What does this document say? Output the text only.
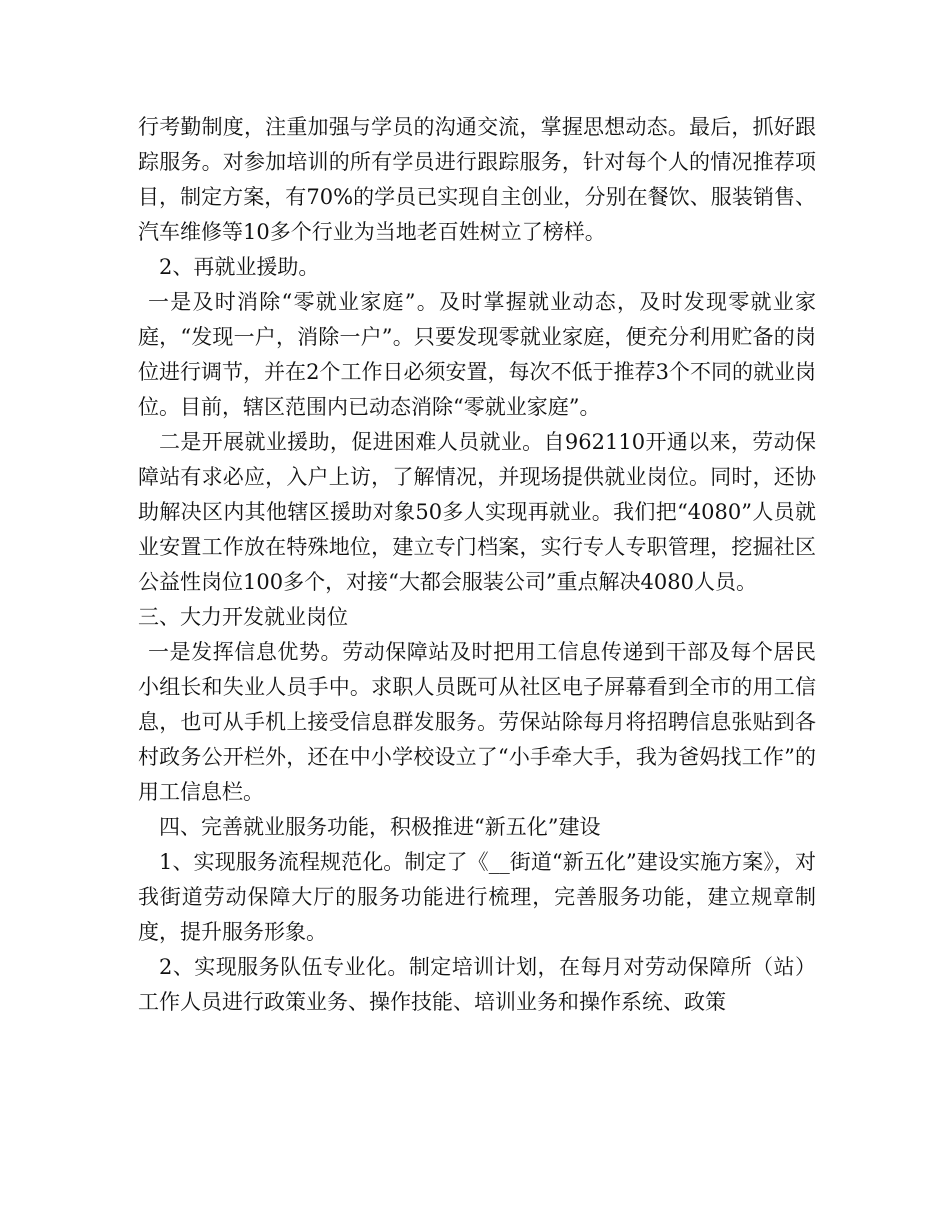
行考勤制度，注重加强与学员的沟通交流，掌握思想动态。最后，抓好跟踪服务。对参加培训的所有学员进行跟踪服务，针对每个人的情况推荐项目，制定方案，有70%的学员已实现自主创业，分别在餐饮、服装销售、汽车维修等10多个行业为当地老百姓树立了榜样。

2、再就业援助。

一是及时消除“零就业家庭”。及时掌握就业动态，及时发现零就业家庭，“发现一户，消除一户”。只要发现零就业家庭，便充分利用贮备的岗位进行调节，并在2个工作日必须安置，每次不低于推荐3个不同的就业岗位。目前，辖区范围内已动态消除“零就业家庭”。

二是开展就业援助，促进困难人员就业。自962110开通以来，劳动保障站有求必应，入户上访，了解情况，并现场提供就业岗位。同时，还协助解决区内其他辖区援助对象50多人实现再就业。我们把“4080”人员就业安置工作放在特殊地位，建立专门档案，实行专人专职管理，挖掘社区公益性岗位100多个，对接“大都会服装公司”重点解决4080人员。

三、大力开发就业岗位

一是发挥信息优势。劳动保障站及时把用工信息传递到干部及每个居民小组长和失业人员手中。求职人员既可从社区电子屏幕看到全市的用工信息，也可从手机上接受信息群发服务。劳保站除每月将招聘信息张贴到各村政务公开栏外，还在中小学校设立了“小手牵大手，我为爸妈找工作”的用工信息栏。

四、完善就业服务功能，积极推进“新五化”建设

1、实现服务流程规范化。制定了《__街道“新五化”建设实施方案》，对我街道劳动保障大厅的服务功能进行梳理，完善服务功能，建立规章制度，提升服务形象。

2、实现服务队伍专业化。制定培训计划，在每月对劳动保障所（站）工作人员进行政策业务、操作技能、培训业务和操作系统、政策
